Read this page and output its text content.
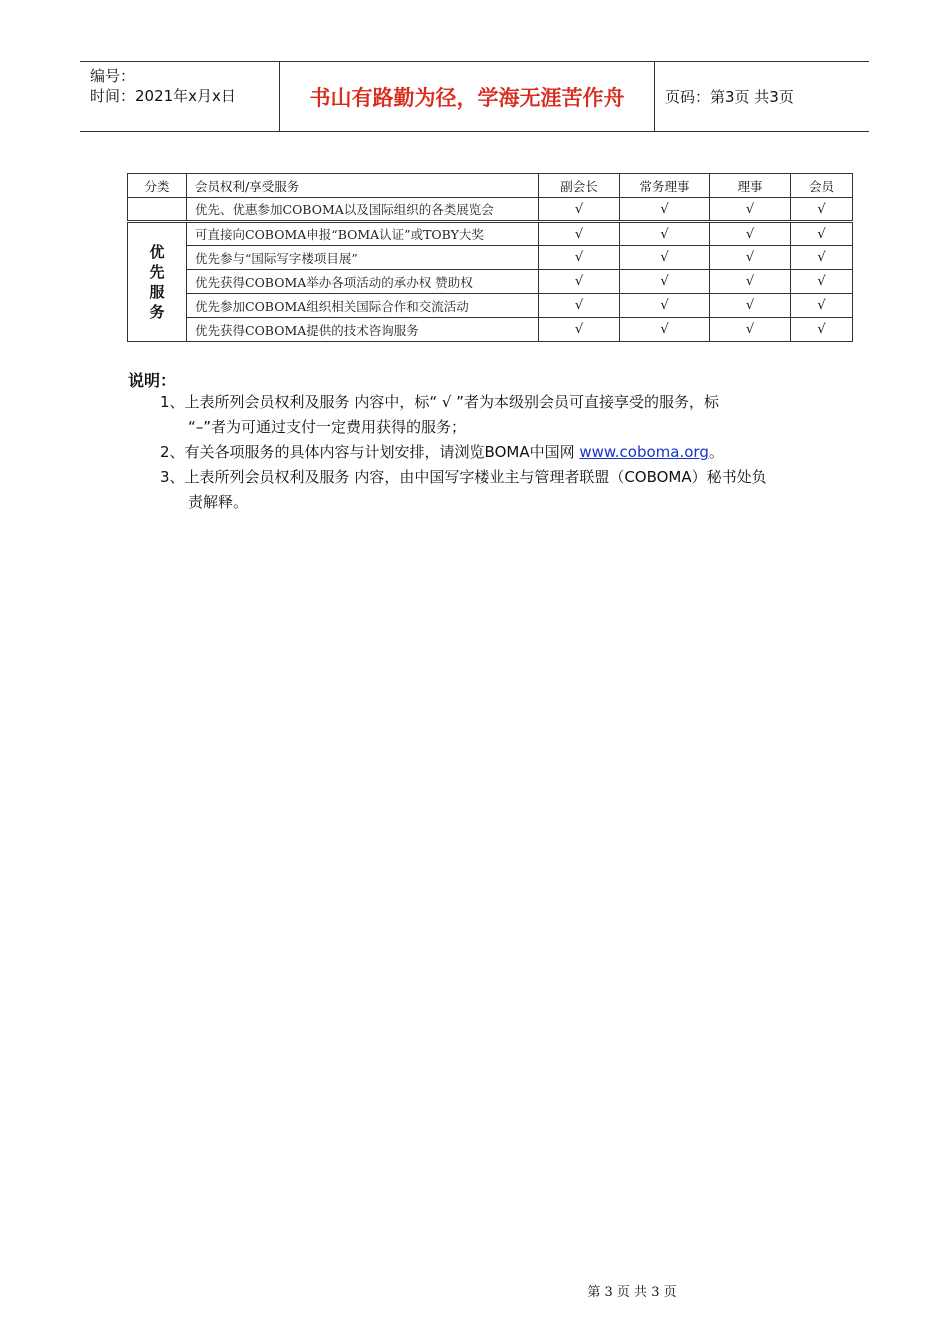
编号：
时间：2021年x月x日	书山有路勤为径，学海无涯苦作舟	页码：第3页 共3页
分类	会员权利/享受服务	副会长	常务理事	理事	会员
	优先、优惠参加COBOMA以及国际组织的各类展览会	√	√	√	√

优
先
服
务	可直接向COBOMA申报“BOMA认证”或TOBY大奖	√	√	√	√
	优先参与“国际写字楼项目展”	√	√	√	√
	优先获得COBOMA举办各项活动的承办权 赞助权	√	√	√	√
	优先参加COBOMA组织相关国际合作和交流活动	√	√	√	√
	优先获得COBOMA提供的技术咨询服务	√	√	√	√
说明：
1、上表所列会员权利及服务 内容中，标“ √ ”者为本级别会员可直接享受的服务，标
“–”者为可通过支付一定费用获得的服务；
2、有关各项服务的具体内容与计划安排，请浏览BOMA中国网 www.coboma.org。
3、上表所列会员权利及服务 内容，由中国写字楼业主与管理者联盟（COBOMA）秘书处负
责解释。
第 3 页 共 3 页
